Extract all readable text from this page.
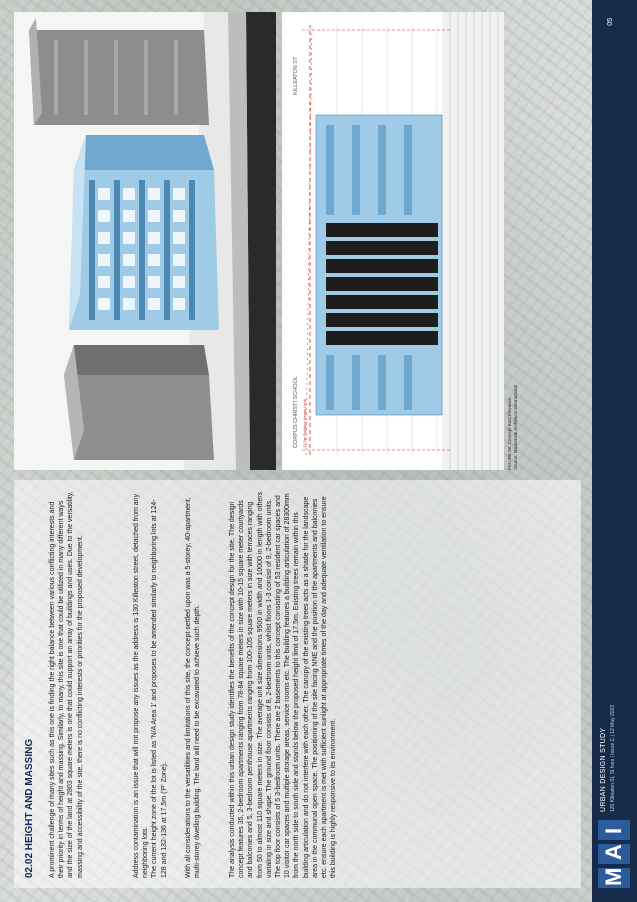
02.02 HEIGHT AND MASSING A prominent challenge of many sites such as this one is finding the right balance between various conflicting interests and their priority in terms of height and massing. Similarly, to many, this site is one that could be utilized in many different ways and the size of the land at 2803 square meters is one that could support an array of buildings and uses. Due to the versatility, massing and accessibility of the site, there is no conflicting interests or priorities for the proposed development.	Address contamination is an issue that will not propose any issues as the address is 130 Killeaton street, detached from any neighboring lots.
The current height zone of the lot is listed as 'N/A Area 1' and proposes to be amended similarly to neighboring lots at 124-128 and 132-136 at 17.5m ('P' Zone). With all considerations to the versatilities and limitations of this site, the concept settled upon was a 5-storey, 40-apartment, multi-storey dwelling building. The land will need to be excavated to achieve such depth.	The analysis conducted within this urban design study identifies the benefits of the concept design for the site. The design concept features 35, 2-bedroom apartments ranging from 78-84 square meters in size with 10-15 square meter courtyards and balconies and 5, 3-bedroom penthouse apartments ranging from 100-105 square meters in size with terraces ranging from 50 to almost 110 square meters in size. The average unit size dimensions 9500 in width and 10000 in length with others varialing in size and shape. The ground floor consists of 8, 2-bedroom units, whilst floors 1-3 consist of 9, 2-bedroom units. The top floor consists of 5 3-bedroom units. There are 2 basements to this concept consisting of 53 resident car spaces and 10 visitor car spaces and multiple storage areas, service rooms etc. The building features a building articulation of 28300mm from the north side to south side and stands below the proposed height limit of 17.5m. Existing trees remain within this building articulation and do not interfere with each other. The canopy of the existing trees acts as a shade for the landscape area in the communal open space. The positioning of the site facing NNE and the position of the apartments and balconies etc. ensure each apartment is met with sufficient sunlight at appropriate times of the day and adequate ventilation to ensure this building is highly responsive to its environment.

FIGURE 05: Concept Massing Source: Mackenzie Architects International	CORPUS CHRISTI SCHOOL
KILLEATON ST
17.5m Building Height Limit	FIGURE 06: Concept East Elevation Source: Mackenzie Architects International
M
A
I
URBAN DESIGN STUDY 120 Killeaton St, St Ives | Issue C | 12 May 2022
05
